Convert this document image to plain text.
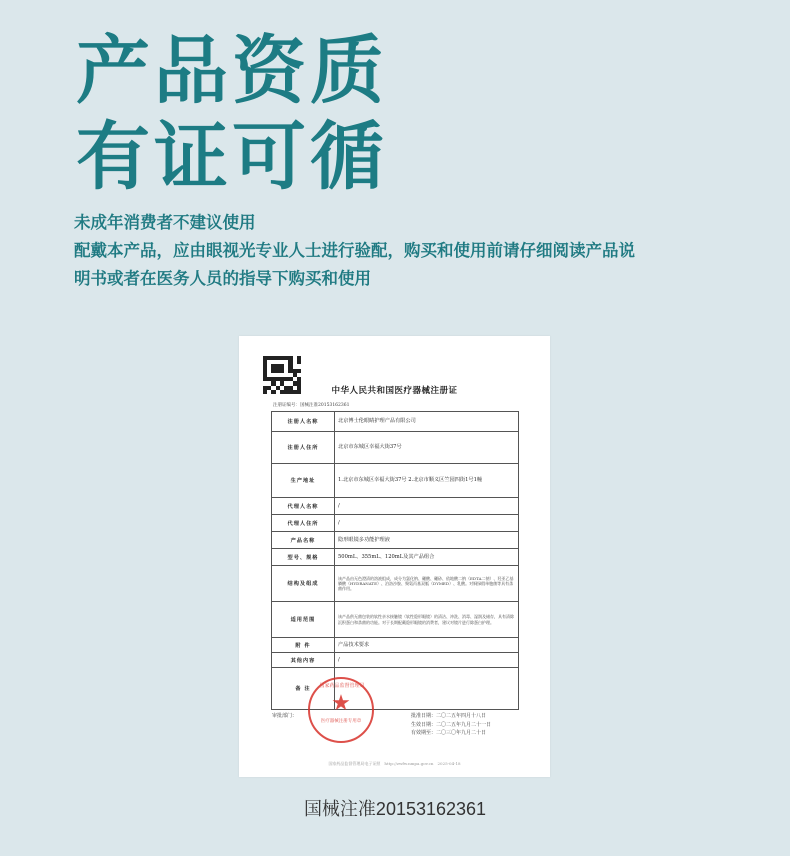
产品资质
有证可循
未成年消费者不建议使用
配戴本产品，应由眼视光专业人士进行验配，购买和使用前请仔细阅读产品说
明书或者在医务人员的指导下购买和使用
中华人民共和国医疗器械注册证
注册证编号：国械注准20153162361
注册人名称	北京博士伦眼睛护理产品有限公司
注册人住所	北京市东城区幸福大街37号
生产地址	1.北京市东城区幸福大街37号 2.北京市顺义区竺园四街1号1幢
代理人名称	/
代理人住所	/
产品名称	隐形眼镜多功能护理液
型号、规格	500mL、355mL、120mL及其产品组合
结构及组成	该产品由无色澄清的溶液组成，成分为氯化钠、硼酸、硼砂、依地酸二钠（EDTA二钠）、羟亚乙基膦酸（HYDRANATE）、泊洛沙胺、聚氨丙基双胍（DYMED）、乳酸。对铜绿假单胞菌等具有杀菌作用。
适用范围	该产品供无菌包装的软性亲水接触镜（软性隐形眼镜）的清洁、冲洗、消毒、湿润及储存，具有清除沉积蛋白和杀菌的功能。对于长期配戴隐形眼镜的消费者，建议对镜片进行除蛋白护理。
附 件	产品技术要求
其他内容	/
备 注	
审批部门：
国家药品监督管理局
★
医疗器械注册专用章
批准日期：二〇二五年四月十八日
生效日期：二〇二五年九月二十一日
有效期至：二〇三〇年九月二十日
国家药品监督管理局电子证照　http://zwfw.nmpa.gov.cn　2025-04-18
国械注准20153162361
